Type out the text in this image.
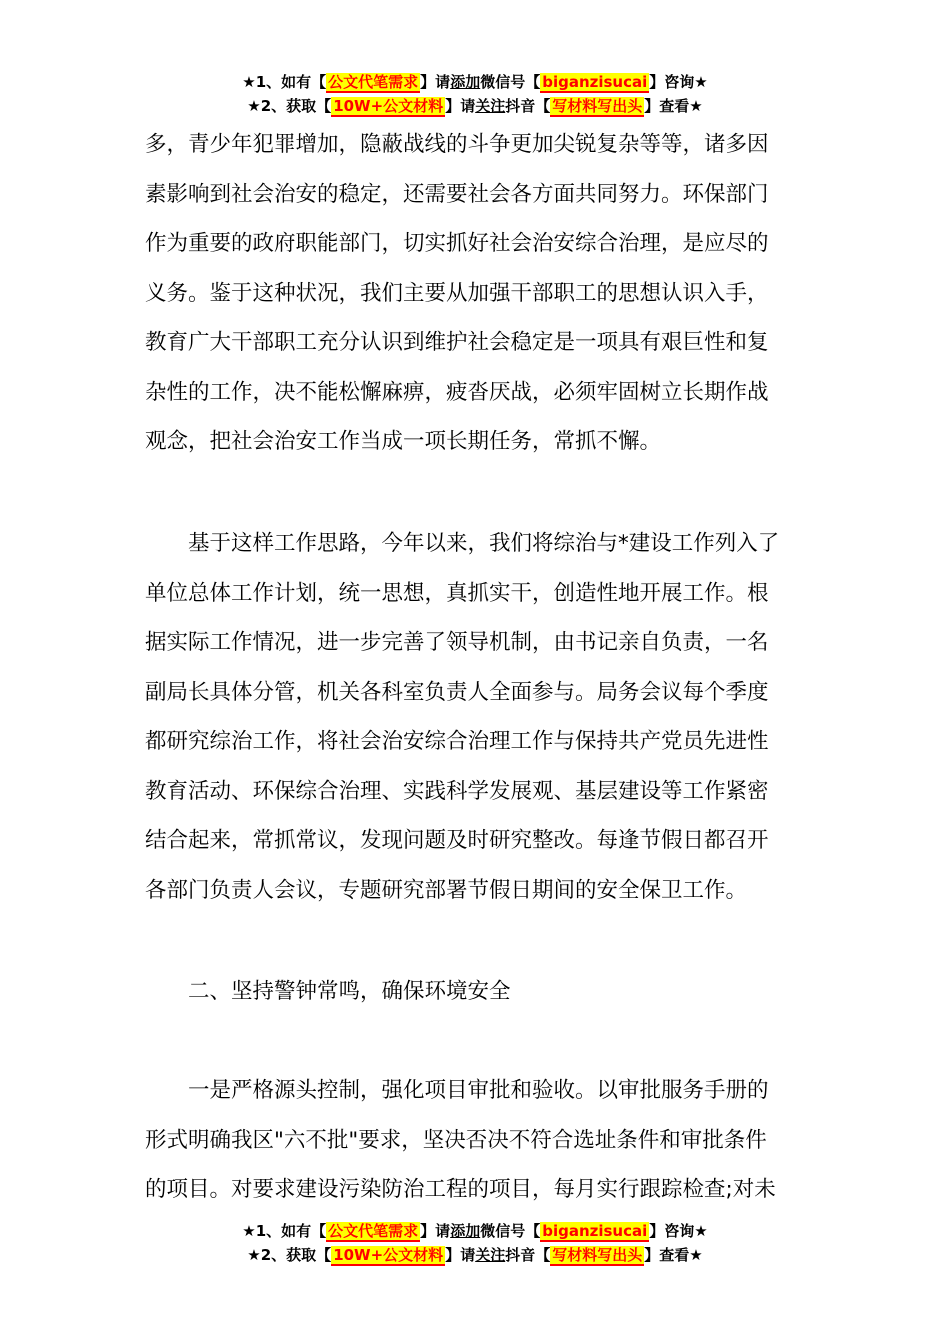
★1、如有【 公文代笔需求 】请添加微信号【 biganzisucai 】咨询★
★2、获取【 10W+公文材料 】请关注抖音【 写材料写出头 】查看★
多，青少年犯罪增加，隐蔽战线的斗争更加尖锐复杂等等，诸多因
素影响到社会治安的稳定，还需要社会各方面共同努力。环保部门
作为重要的政府职能部门，切实抓好社会治安综合治理，是应尽的
义务。鉴于这种状况，我们主要从加强干部职工的思想认识入手，
教育广大干部职工充分认识到维护社会稳定是一项具有艰巨性和复
杂性的工作，决不能松懈麻痹，疲沓厌战，必须牢固树立长期作战
观念，把社会治安工作当成一项长期任务，常抓不懈。
基于这样工作思路，今年以来，我们将综治与*建设工作列入了
单位总体工作计划，统一思想，真抓实干，创造性地开展工作。根
据实际工作情况，进一步完善了领导机制，由书记亲自负责，一名
副局长具体分管，机关各科室负责人全面参与。局务会议每个季度
都研究综治工作，将社会治安综合治理工作与保持共产党员先进性
教育活动、环保综合治理、实践科学发展观、基层建设等工作紧密
结合起来，常抓常议，发现问题及时研究整改。每逢节假日都召开
各部门负责人会议，专题研究部署节假日期间的安全保卫工作。
二、坚持警钟常鸣，确保环境安全
一是严格源头控制，强化项目审批和验收。以审批服务手册的
形式明确我区"六不批"要求，坚决否决不符合选址条件和审批条件
的项目。对要求建设污染防治工程的项目，每月实行跟踪检查;对未
★1、如有【 公文代笔需求 】请添加微信号【 biganzisucai 】咨询★
★2、获取【 10W+公文材料 】请关注抖音【 写材料写出头 】查看★
